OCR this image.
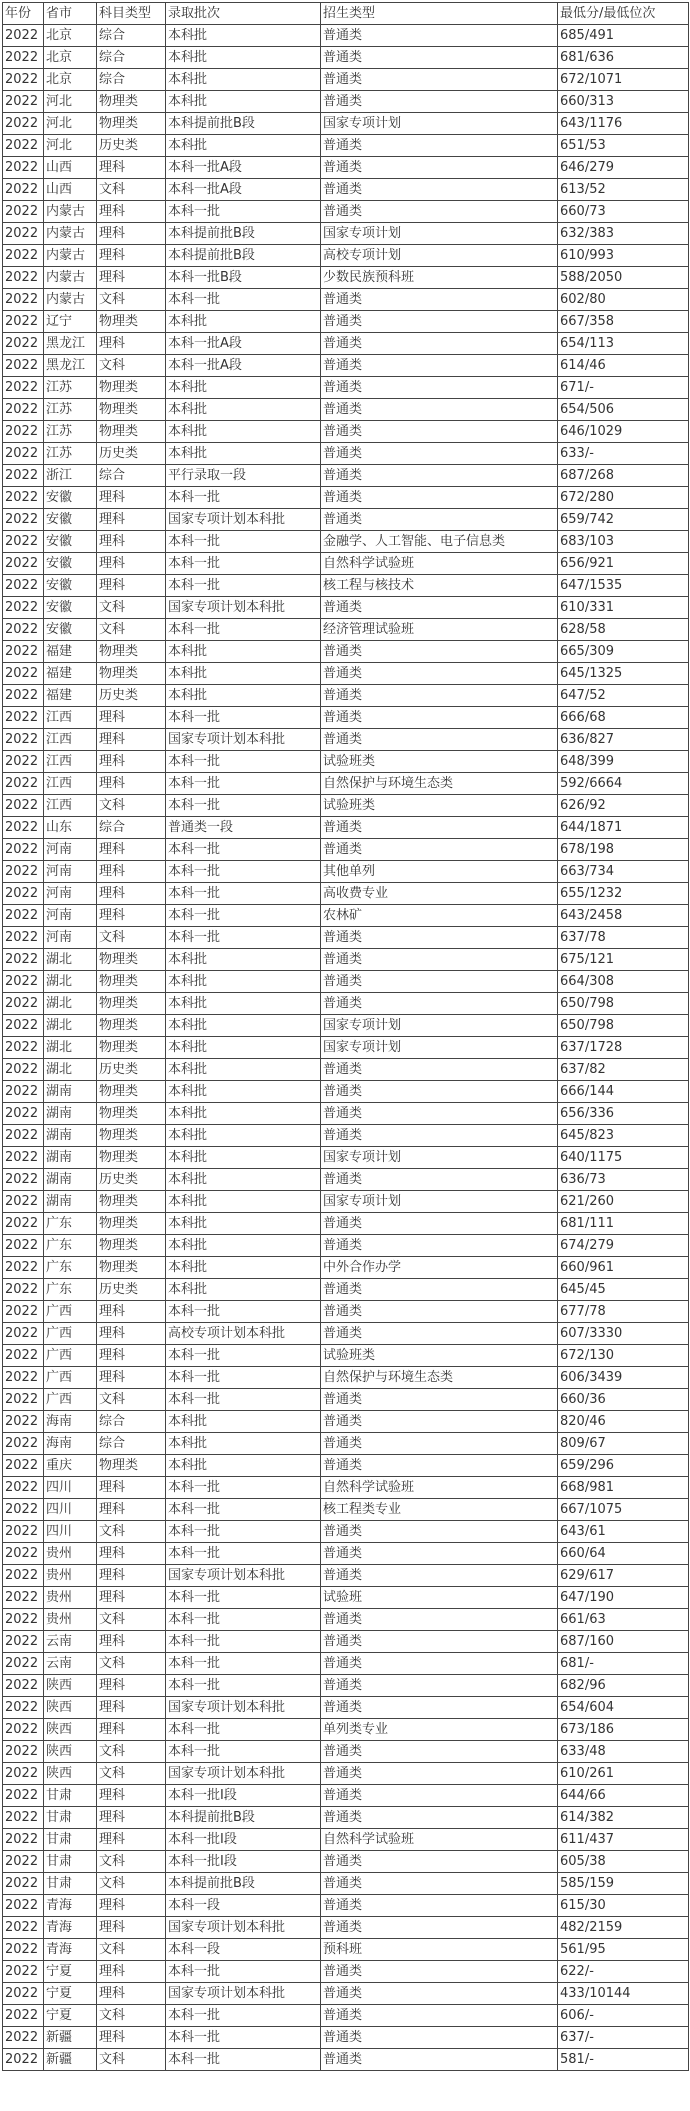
年份	省市	科目类型	录取批次	招生类型	最低分/最低位次
2022	北京	综合	本科批	普通类	685/491
2022	北京	综合	本科批	普通类	681/636
2022	北京	综合	本科批	普通类	672/1071
2022	河北	物理类	本科批	普通类	660/313
2022	河北	物理类	本科提前批B段	国家专项计划	643/1176
2022	河北	历史类	本科批	普通类	651/53
2022	山西	理科	本科一批A段	普通类	646/279
2022	山西	文科	本科一批A段	普通类	613/52
2022	内蒙古	理科	本科一批	普通类	660/73
2022	内蒙古	理科	本科提前批B段	国家专项计划	632/383
2022	内蒙古	理科	本科提前批B段	高校专项计划	610/993
2022	内蒙古	理科	本科一批B段	少数民族预科班	588/2050
2022	内蒙古	文科	本科一批	普通类	602/80
2022	辽宁	物理类	本科批	普通类	667/358
2022	黑龙江	理科	本科一批A段	普通类	654/113
2022	黑龙江	文科	本科一批A段	普通类	614/46
2022	江苏	物理类	本科批	普通类	671/-
2022	江苏	物理类	本科批	普通类	654/506
2022	江苏	物理类	本科批	普通类	646/1029
2022	江苏	历史类	本科批	普通类	633/-
2022	浙江	综合	平行录取一段	普通类	687/268
2022	安徽	理科	本科一批	普通类	672/280
2022	安徽	理科	国家专项计划本科批	普通类	659/742
2022	安徽	理科	本科一批	金融学、人工智能、电子信息类	683/103
2022	安徽	理科	本科一批	自然科学试验班	656/921
2022	安徽	理科	本科一批	核工程与核技术	647/1535
2022	安徽	文科	国家专项计划本科批	普通类	610/331
2022	安徽	文科	本科一批	经济管理试验班	628/58
2022	福建	物理类	本科批	普通类	665/309
2022	福建	物理类	本科批	普通类	645/1325
2022	福建	历史类	本科批	普通类	647/52
2022	江西	理科	本科一批	普通类	666/68
2022	江西	理科	国家专项计划本科批	普通类	636/827
2022	江西	理科	本科一批	试验班类	648/399
2022	江西	理科	本科一批	自然保护与环境生态类	592/6664
2022	江西	文科	本科一批	试验班类	626/92
2022	山东	综合	普通类一段	普通类	644/1871
2022	河南	理科	本科一批	普通类	678/198
2022	河南	理科	本科一批	其他单列	663/734
2022	河南	理科	本科一批	高收费专业	655/1232
2022	河南	理科	本科一批	农林矿	643/2458
2022	河南	文科	本科一批	普通类	637/78
2022	湖北	物理类	本科批	普通类	675/121
2022	湖北	物理类	本科批	普通类	664/308
2022	湖北	物理类	本科批	普通类	650/798
2022	湖北	物理类	本科批	国家专项计划	650/798
2022	湖北	物理类	本科批	国家专项计划	637/1728
2022	湖北	历史类	本科批	普通类	637/82
2022	湖南	物理类	本科批	普通类	666/144
2022	湖南	物理类	本科批	普通类	656/336
2022	湖南	物理类	本科批	普通类	645/823
2022	湖南	物理类	本科批	国家专项计划	640/1175
2022	湖南	历史类	本科批	普通类	636/73
2022	湖南	物理类	本科批	国家专项计划	621/260
2022	广东	物理类	本科批	普通类	681/111
2022	广东	物理类	本科批	普通类	674/279
2022	广东	物理类	本科批	中外合作办学	660/961
2022	广东	历史类	本科批	普通类	645/45
2022	广西	理科	本科一批	普通类	677/78
2022	广西	理科	高校专项计划本科批	普通类	607/3330
2022	广西	理科	本科一批	试验班类	672/130
2022	广西	理科	本科一批	自然保护与环境生态类	606/3439
2022	广西	文科	本科一批	普通类	660/36
2022	海南	综合	本科批	普通类	820/46
2022	海南	综合	本科批	普通类	809/67
2022	重庆	物理类	本科批	普通类	659/296
2022	四川	理科	本科一批	自然科学试验班	668/981
2022	四川	理科	本科一批	核工程类专业	667/1075
2022	四川	文科	本科一批	普通类	643/61
2022	贵州	理科	本科一批	普通类	660/64
2022	贵州	理科	国家专项计划本科批	普通类	629/617
2022	贵州	理科	本科一批	试验班	647/190
2022	贵州	文科	本科一批	普通类	661/63
2022	云南	理科	本科一批	普通类	687/160
2022	云南	文科	本科一批	普通类	681/-
2022	陕西	理科	本科一批	普通类	682/96
2022	陕西	理科	国家专项计划本科批	普通类	654/604
2022	陕西	理科	本科一批	单列类专业	673/186
2022	陕西	文科	本科一批	普通类	633/48
2022	陕西	文科	国家专项计划本科批	普通类	610/261
2022	甘肃	理科	本科一批I段	普通类	644/66
2022	甘肃	理科	本科提前批B段	普通类	614/382
2022	甘肃	理科	本科一批I段	自然科学试验班	611/437
2022	甘肃	文科	本科一批I段	普通类	605/38
2022	甘肃	文科	本科提前批B段	普通类	585/159
2022	青海	理科	本科一段	普通类	615/30
2022	青海	理科	国家专项计划本科批	普通类	482/2159
2022	青海	文科	本科一段	预科班	561/95
2022	宁夏	理科	本科一批	普通类	622/-
2022	宁夏	理科	国家专项计划本科批	普通类	433/10144
2022	宁夏	文科	本科一批	普通类	606/-
2022	新疆	理科	本科一批	普通类	637/-
2022	新疆	文科	本科一批	普通类	581/-
